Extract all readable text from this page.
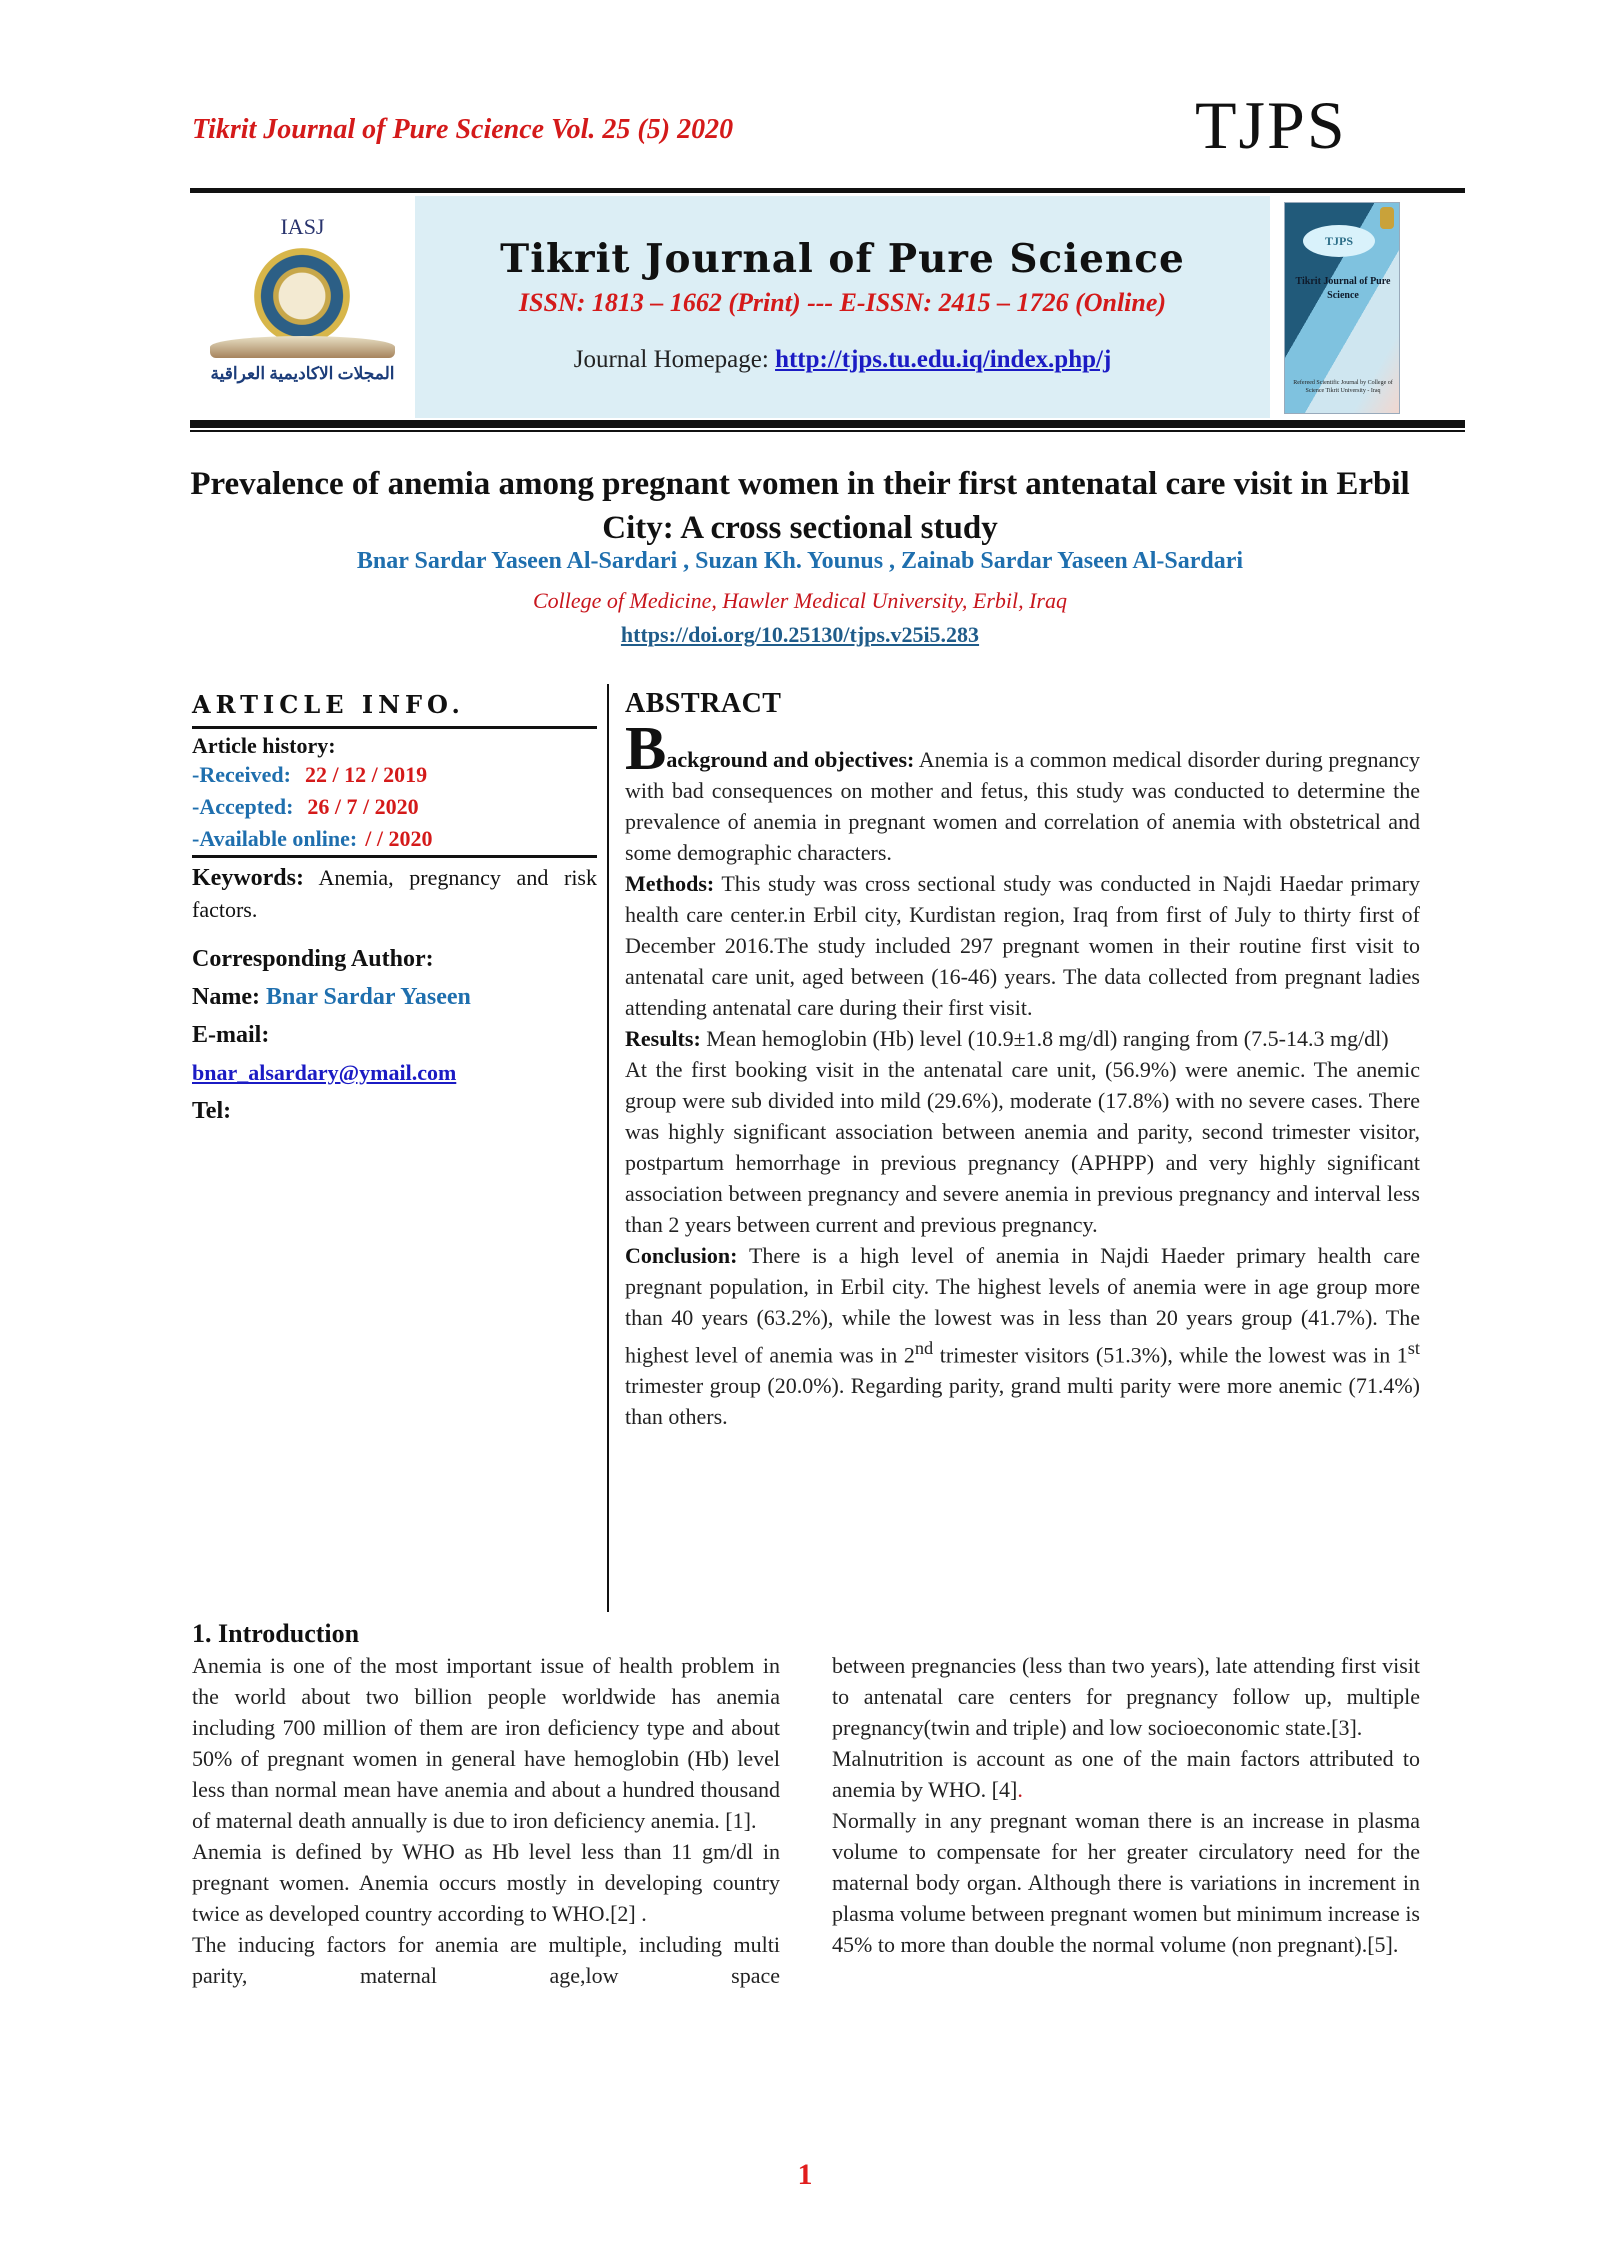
Tikrit Journal of Pure Science Vol. 25 (5) 2020	TJPS
IASJ
المجلات الاكاديمية العراقية
Tikrit Journal of Pure Science
ISSN: 1813 – 1662 (Print) --- E-ISSN: 2415 – 1726 (Online)
Journal Homepage: http://tjps.tu.edu.iq/index.php/j
TJPS
Tikrit Journal of Pure Science
Refereed Scientific Journal by College of Science Tikrit University - Iraq
Prevalence of anemia among pregnant women in their first antenatal care visit in Erbil City: A cross sectional study
Bnar Sardar Yaseen Al-Sardari , Suzan Kh. Younus , Zainab Sardar Yaseen Al-Sardari
College of Medicine, Hawler Medical University, Erbil, Iraq
https://doi.org/10.25130/tjps.v25i5.283
ARTICLE INFO.
Article history:
-Received: 22 / 12 / 2019
-Accepted: 26 / 7 / 2020
-Available online: / / 2020
Keywords: Anemia, pregnancy and risk factors.
Corresponding Author:
Name: Bnar Sardar Yaseen
E-mail:
bnar_alsardary@ymail.com
Tel:
ABSTRACT

Background and objectives: Anemia is a common medical disorder during pregnancy with bad consequences on mother and fetus, this study was conducted to determine the prevalence of anemia in pregnant women and correlation of anemia with obstetrical and some demographic characters.

Methods: This study was cross sectional study was conducted in Najdi Haedar primary health care center.in Erbil city, Kurdistan region, Iraq from first of July to thirty first of December 2016.The study included 297 pregnant women in their routine first visit to antenatal care unit, aged between (16-46) years. The data collected from pregnant ladies attending antenatal care during their first visit.

Results: Mean hemoglobin (Hb) level (10.9±1.8 mg/dl) ranging from (7.5-14.3 mg/dl)

At the first booking visit in the antenatal care unit, (56.9%) were anemic. The anemic group were sub divided into mild (29.6%), moderate (17.8%) with no severe cases. There was highly significant association between anemia and parity, second trimester visitor, postpartum hemorrhage in previous pregnancy (APHPP) and very highly significant association between pregnancy and severe anemia in previous pregnancy and interval less than 2 years between current and previous pregnancy.

Conclusion: There is a high level of anemia in Najdi Haeder primary health care pregnant population, in Erbil city. The highest levels of anemia were in age group more than 40 years (63.2%), while the lowest was in less than 20 years group (41.7%). The highest level of anemia was in 2nd trimester visitors (51.3%), while the lowest was in 1st trimester group (20.0%). Regarding parity, grand multi parity were more anemic (71.4%) than others.

1. Introduction

Anemia is one of the most important issue of health problem in the world about two billion people worldwide has anemia including 700 million of them are iron deficiency type and about 50% of pregnant women in general have hemoglobin (Hb) level less than normal mean have anemia and about a hundred thousand of maternal death annually is due to iron deficiency anemia. [1].

Anemia is defined by WHO as Hb level less than 11 gm/dl in pregnant women. Anemia occurs mostly in developing country twice as developed country according to WHO.[2] .

The inducing factors for anemia are multiple, including multi parity, maternal age,low space

between pregnancies (less than two years), late attending first visit to antenatal care centers for pregnancy follow up, multiple pregnancy(twin and triple) and low socioeconomic state.[3].

Malnutrition is account as one of the main factors attributed to anemia by WHO. [4].

Normally in any pregnant woman there is an increase in plasma volume to compensate for her greater circulatory need for the maternal body organ. Although there is variations in increment in plasma volume between pregnant women but minimum increase is 45% to more than double the normal volume (non pregnant).[5].

1
